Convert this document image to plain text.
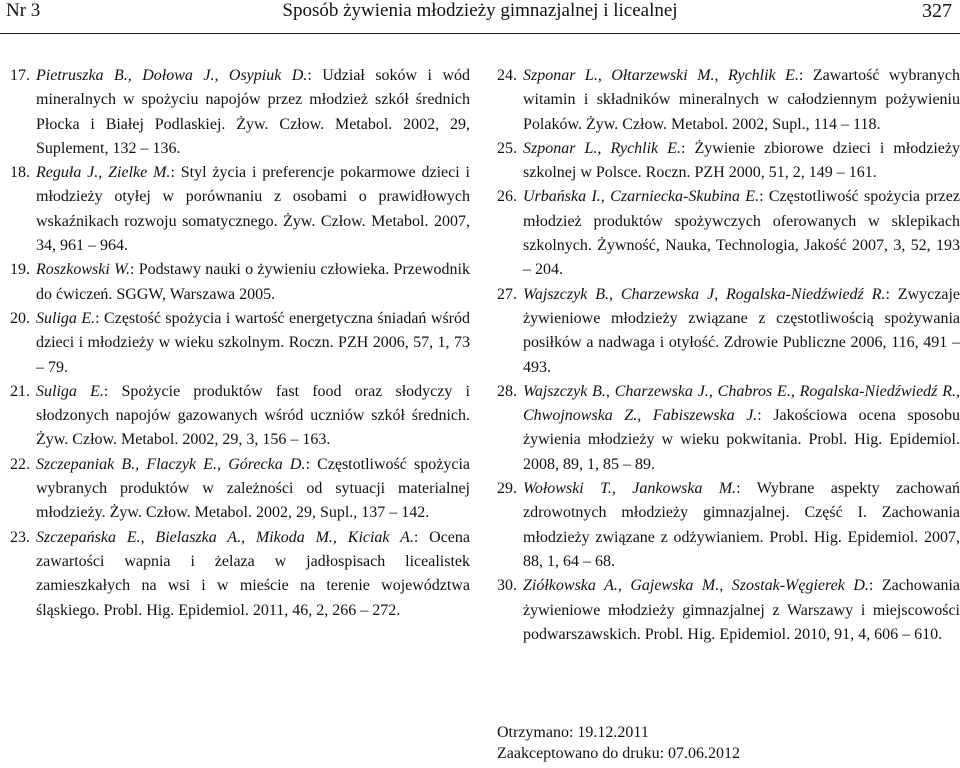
Sposób żywienia młodzieży gimnazjalnej i licealnej
Nr 3	327

17. Pietruszka B., Dołowa J., Osypiuk D.: Udział soków i wód mineralnych w spożyciu napojów przez młodzież szkół średnich Płocka i Białej Podlaskiej. Żyw. Człow. Metabol. 2002, 29, Suplement, 132 – 136.

18. Reguła J., Zielke M.: Styl życia i preferencje pokarmowe dzieci i młodzieży otyłej w porównaniu z osobami o prawidłowych wskaźnikach rozwoju somatycznego. Żyw. Człow. Metabol. 2007, 34, 961 – 964.

19. Roszkowski W.: Podstawy nauki o żywieniu człowieka. Przewodnik do ćwiczeń. SGGW, Warszawa 2005.

20. Suliga E.: Częstość spożycia i wartość energetyczna śniadań wśród dzieci i młodzieży w wieku szkolnym. Roczn. PZH 2006, 57, 1, 73 – 79.

21. Suliga E.: Spożycie produktów fast food oraz słodyczy i słodzonych napojów gazowanych wśród uczniów szkół średnich. Żyw. Człow. Metabol. 2002, 29, 3, 156 – 163.

22. Szczepaniak B., Flaczyk E., Górecka D.: Częstotliwość spożycia wybranych produktów w zależności od sytuacji materialnej młodzieży. Żyw. Człow. Metabol. 2002, 29, Supl., 137 – 142.

23. Szczepańska E., Bielaszka A., Mikoda M., Kiciak A.: Ocena zawartości wapnia i żelaza w jadłospisach licealistek zamieszkałych na wsi i w mieście na terenie województwa śląskiego. Probl. Hig. Epidemiol. 2011, 46, 2, 266 – 272.

24. Szponar L., Ołtarzewski M., Rychlik E.: Zawartość wybranych witamin i składników mineralnych w całodziennym pożywieniu Polaków. Żyw. Człow. Metabol. 2002, Supl., 114 – 118.

25. Szponar L., Rychlik E.: Żywienie zbiorowe dzieci i młodzieży szkolnej w Polsce. Roczn. PZH 2000, 51, 2, 149 – 161.

26. Urbańska I., Czarniecka-Skubina E.: Częstotliwość spożycia przez młodzież produktów spożywczych oferowanych w sklepikach szkolnych. Żywność, Nauka, Technologia, Jakość 2007, 3, 52, 193 – 204.

27. Wajszczyk B., Charzewska J, Rogalska-Niedźwiedź R.: Zwyczaje żywieniowe młodzieży związane z częstotliwością spożywania posiłków a nadwaga i otyłość. Zdrowie Publiczne 2006, 116, 491 – 493.

28. Wajszczyk B., Charzewska J., Chabros E., Rogalska-Niedźwiedź R., Chwojnowska Z., Fabiszewska J.: Jakościowa ocena sposobu żywienia młodzieży w wieku pokwitania. Probl. Hig. Epidemiol. 2008, 89, 1, 85 – 89.

29. Wołowski T., Jankowska M.: Wybrane aspekty zachowań zdrowotnych młodzieży gimnazjalnej. Część I. Zachowania młodzieży związane z odżywianiem. Probl. Hig. Epidemiol. 2007, 88, 1, 64 – 68.

30. Ziółkowska A., Gajewska M., Szostak-Węgierek D.: Zachowania żywieniowe młodzieży gimnazjalnej z Warszawy i miejscowości podwarszawskich. Probl. Hig. Epidemiol. 2010, 91, 4, 606 – 610.

Otrzymano: 19.12.2011
Zaakceptowano do druku: 07.06.2012
